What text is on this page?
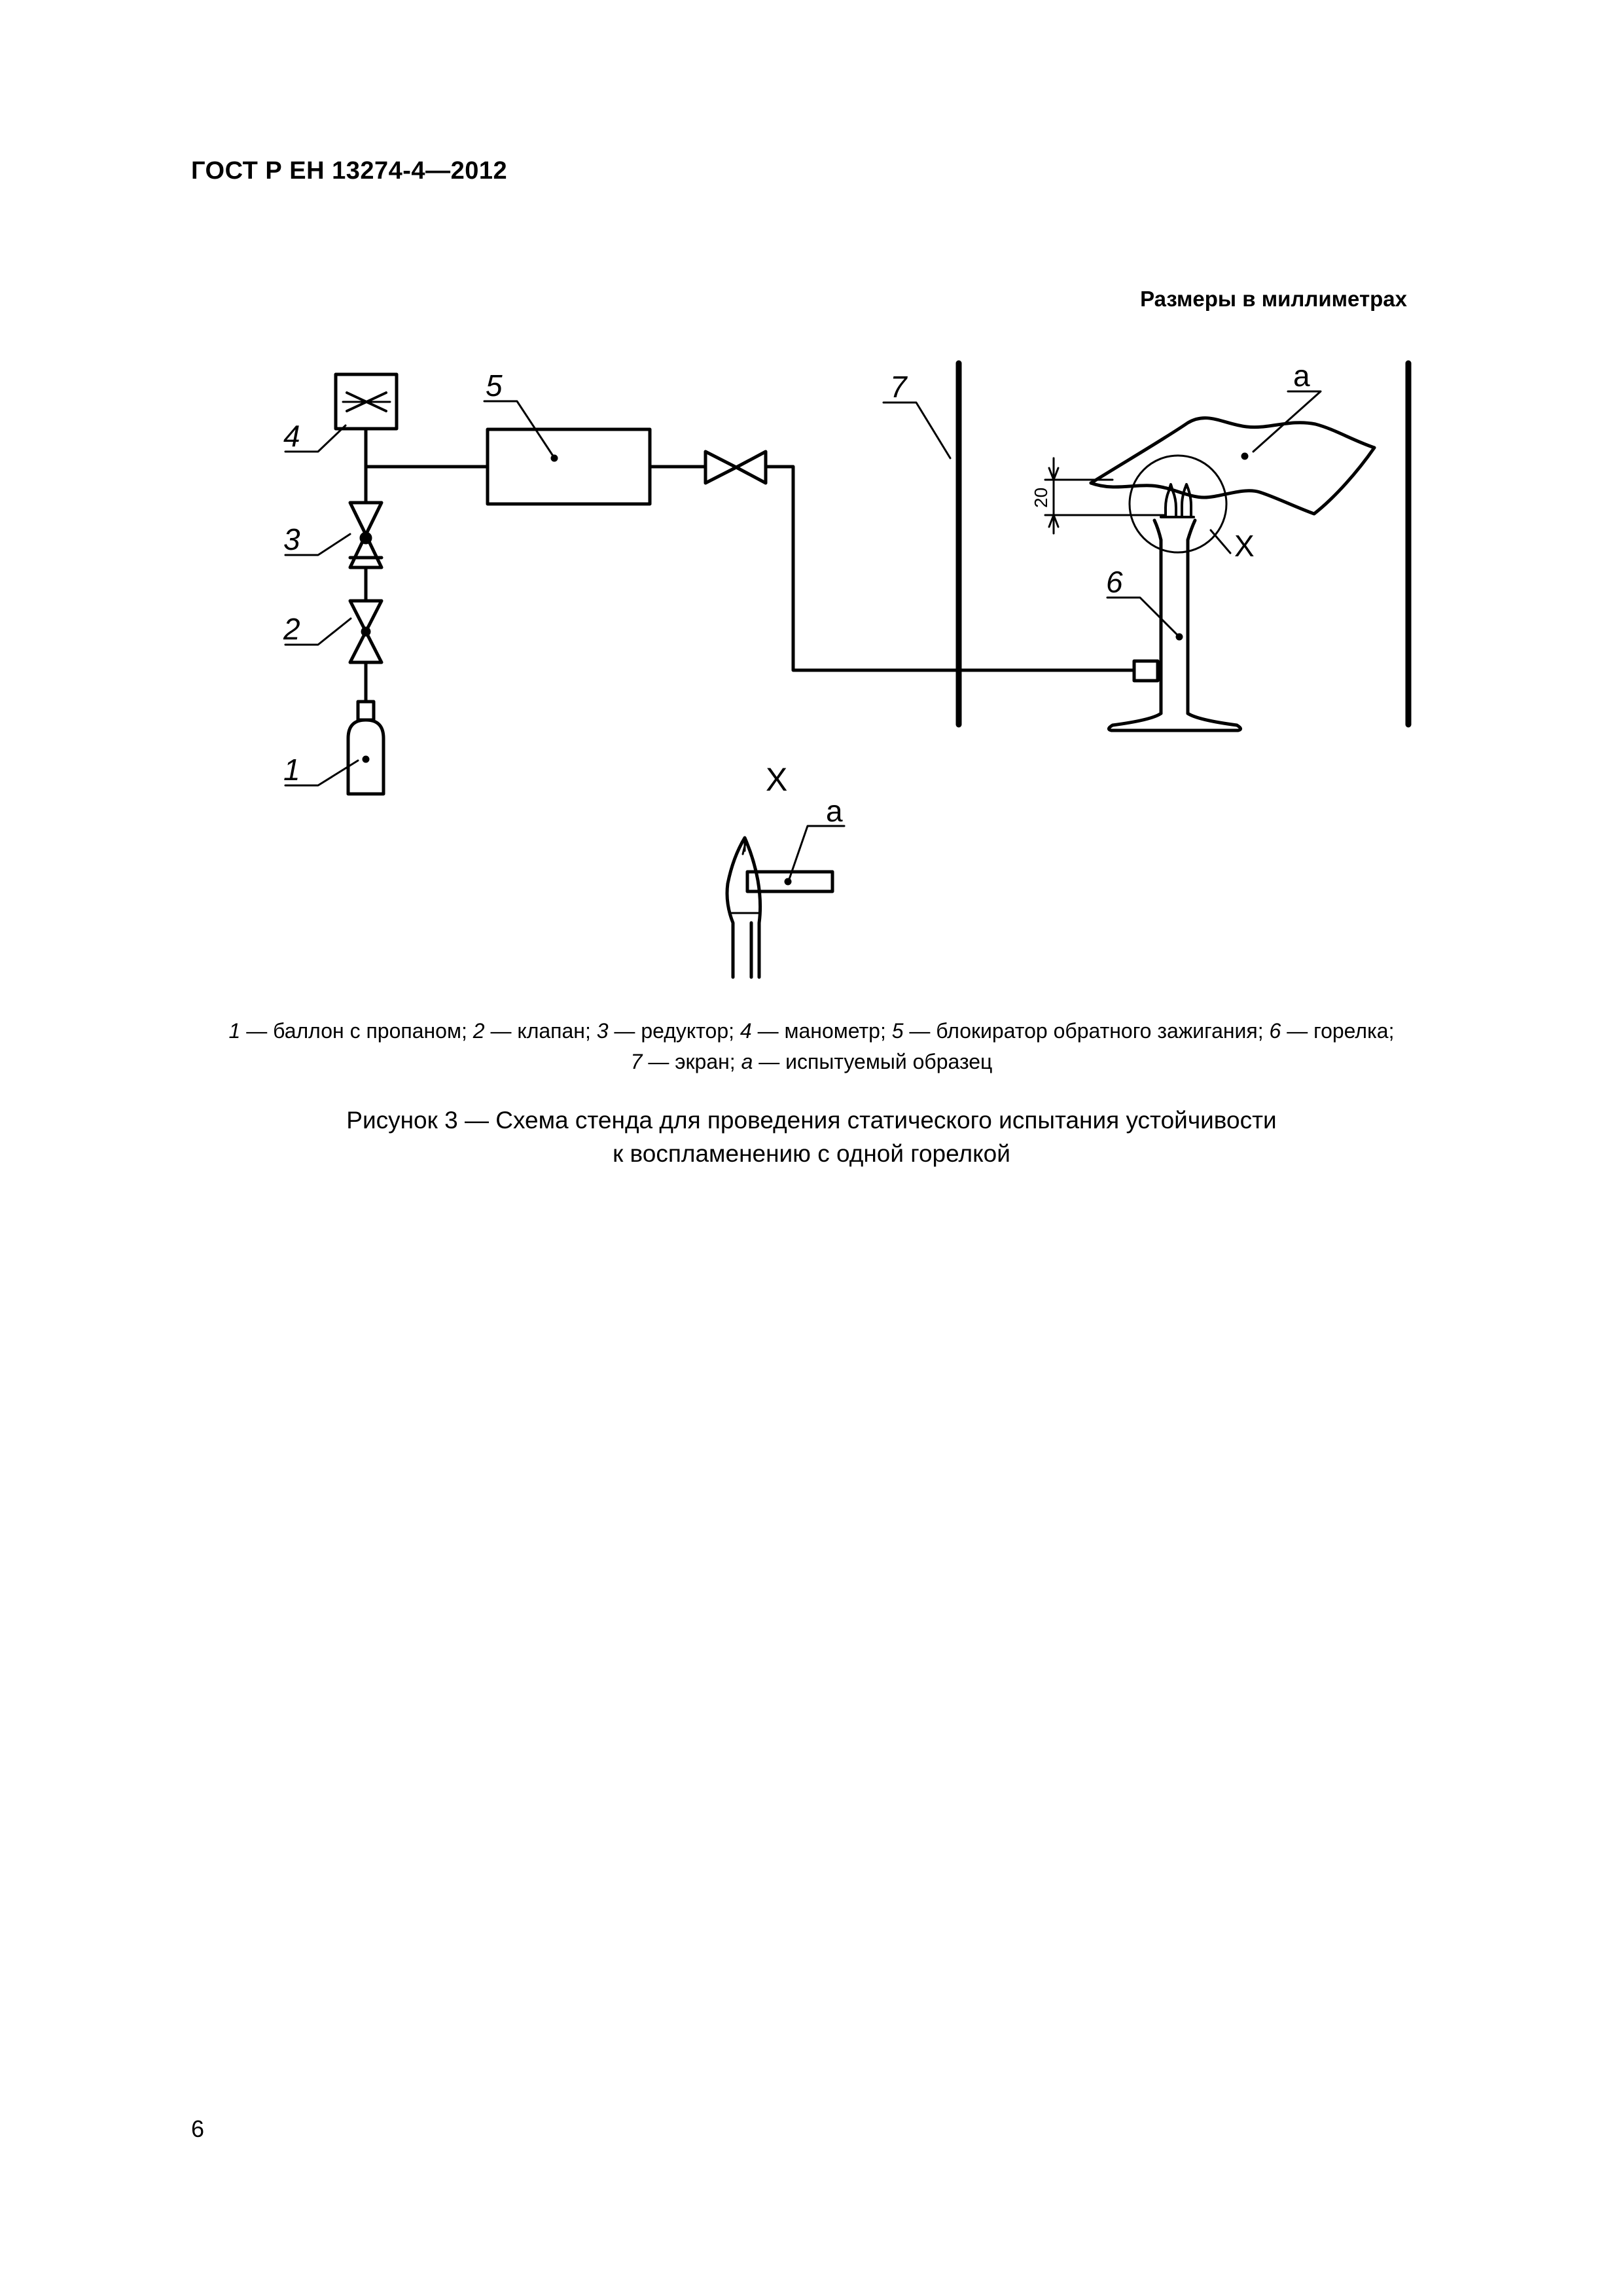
ГОСТ Р ЕН 13274-4—2012
Размеры в миллиметрах
4
3
2
1
5	7
6
a
X
X
a
20
1 — баллон с пропаном; 2 — клапан; 3 — редуктор; 4 — манометр; 5 — блокиратор обратного зажигания; 6 — горелка;
7 — экран; a — испытуемый образец
Рисунок 3 — Схема стенда для проведения статического испытания устойчивости
к воспламенению с одной горелкой
6
